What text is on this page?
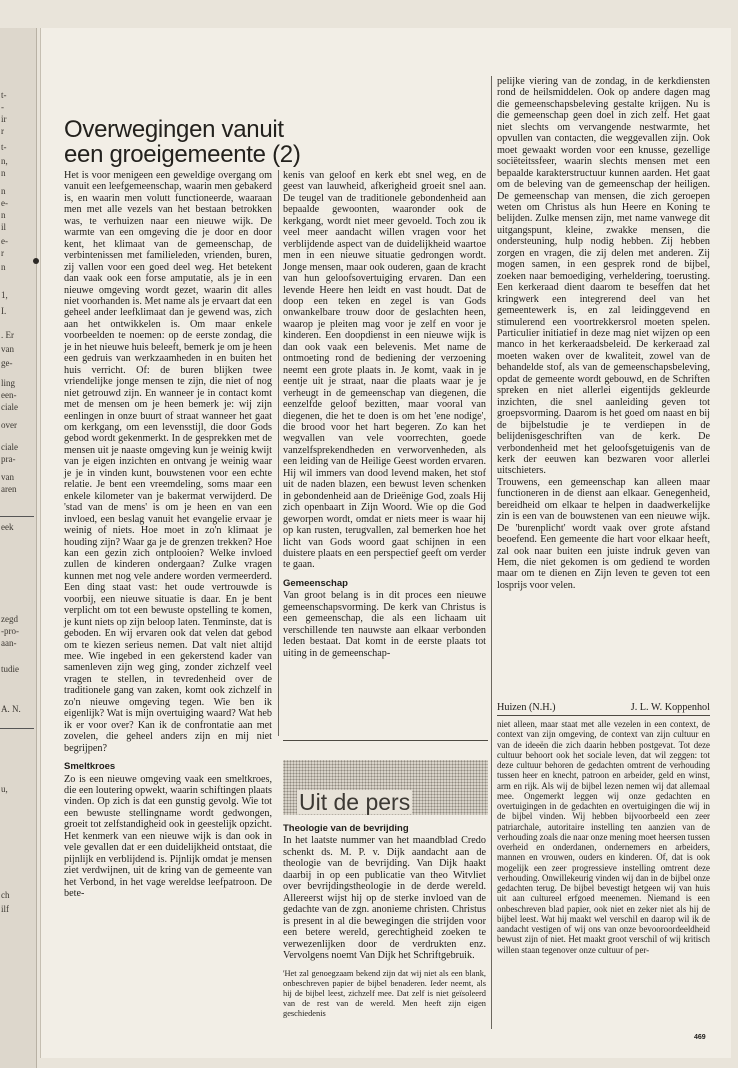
t-
-
ir
r
t-
n,
n
n
e-
n
il
e-
r
n
1,
I.
. Er
van
ge-
ling
een-
ciale
over
ciale
pra-
van
aren
eek
zegd
-pro-
aan-
tudie
A. N.
u,
ch
ilf
Overwegingen vanuit
een groeigemeente (2)

Het is voor menigeen een geweldige overgang om vanuit een leefgemeenschap, waarin men gebakerd is, en waarin men volutt functioneerde, waaraan men met alle vezels van het bestaan betrokken was, te verhuizen naar een nieuwe wijk. De warmte van een omgeving die je door en door kent, het klimaat van de gemeenschap, de verbintenissen met familieleden, vrienden, buren, zij vallen voor een goed deel weg. Het betekent dan vaak ook een forse amputatie, als je in een nieuwe omgeving wordt gezet, waarin dit alles niet voorhanden is. Met name als je ervaart dat een geheel ander leefklimaat dan je gewend was, zich aan het ontwikkelen is. Om maar enkele voorbeelden te noemen: op de eerste zondag, die je in het nieuwe huis beleeft, bemerk je om je heen een gedruis van werkzaamheden in en buiten het huis verricht. Of: de buren blijken twee vriendelijke jonge mensen te zijn, die niet of nog niet getrouwd zijn. En wanneer je in contact komt met de mensen om je heen bemerk je: wij zijn eenlingen in onze buurt of straat wanneer het gaat om kerkgang, om een levensstijl, die door Gods gebod wordt gekenmerkt. In de gesprekken met de mensen uit je naaste omgeving kun je weinig kwijt van je eigen inzichten en ontvang je weinig waar je je in vinden kunt, bouwstenen voor een echte relatie. Je bent een vreemdeling, soms maar een enkele kilometer van je bakermat verwijderd. De 'stad van de mens' is om je heen en van een invloed, een beslag vanuit het evangelie ervaar je weinig of niets. Hoe moet in zo'n klimaat je houding zijn? Waar ga je de grenzen trekken? Hoe kan een gezin zich ontplooien? Welke invloed zullen de kinderen ondergaan? Zulke vragen kunnen met nog vele andere worden vermeerderd. Een ding staat vast: het oude vertrouwde is voorbij, een nieuwe situatie is daar. En je bent verplicht om tot een bewuste opstelling te komen, je kunt niets op zijn beloop laten. Tenminste, dat is geboden. En wij ervaren ook dat velen dat gebod om te kiezen serieus nemen. Dat valt niet altijd mee. Wie ingebed in een gekerstend kader van samenleven zijn weg ging, zonder zichzelf veel vragen te stellen, in tevredenheid over de traditionele gang van zaken, komt ook zichzelf in zo'n nieuwe omgeving tegen. Wie ben ik eigenlijk? Wat is mijn overtuiging waard? Wat heb ik er voor over? Kan ik de confrontatie aan met zovelen, die geheel anders zijn en mij niet begrijpen?

Smeltkroes

Zo is een nieuwe omgeving vaak een smeltkroes, die een loutering opwekt, waarin schiftingen plaats vinden. Op zich is dat een gunstig gevolg. Wie tot een bewuste stellingname wordt gedwongen, groeit tot zelfstandigheid ook in geestelijk opzicht. Het kenmerk van een nieuwe wijk is dan ook in vele gevallen dat er een duidelijkheid ontstaat, die pijnlijk en verblijdend is. Pijnlijk omdat je mensen ziet verdwijnen, uit de kring van de gemeente van het Verbond, in het vage wereldse leefpatroon. De bete-

kenis van geloof en kerk ebt snel weg, en de geest van lauwheid, afkerigheid groeit snel aan. De teugel van de traditionele gebondenheid aan bepaalde gewoonten, waaronder ook de kerkgang, wordt niet meer gevoeld. Toch zou ik veel meer aandacht willen vragen voor het verblijdende aspect van de duidelijkheid waartoe men in een nieuwe situatie gedrongen wordt. Jonge mensen, maar ook ouderen, gaan de kracht van hun geloofsovertuiging ervaren. Dan een levende Heere hen leidt en vast houdt. Dat de doop een teken en zegel is van Gods onwankelbare trouw door de geslachten heen, waarop je pleiten mag voor je zelf en voor je kinderen. Een doopdienst in een nieuwe wijk is dan ook vaak een belevenis. Met name de ontmoeting rond de bediening der verzoening neemt een grote plaats in. Je komt, vaak in je eentje uit je straat, naar die plaats waar je je verheugt in de gemeenschap van diegenen, die eenzelfde geloof bezitten, maar vooral van diegenen, die het te doen is om het 'ene nodige', die brood voor het hart begeren. Zo kan het wegvallen van vele voorrechten, goede vanzelfsprekendheden en verworvenheden, als een leiding van de Heilige Geest worden ervaren. Hij wil immers van dood levend maken, het stof uit de naden blazen, een bewust leven schenken in gebondenheid aan de Drieënige God, zoals Hij zich openbaart in Zijn Woord. Wie op die God geworpen wordt, omdat er niets meer is waar hij op kan rusten, terugvallen, zal bemerken hoe het licht van Gods woord gaat schijnen in een duistere plaats en een perspectief geeft om verder te gaan.

Gemeenschap

Van groot belang is in dit proces een nieuwe gemeenschapsvorming. De kerk van Christus is een gemeenschap, die als een lichaam uit verschillende ten nauwste aan elkaar verbonden leden bestaat. Dat komt in de eerste plaats tot uiting in de gemeenschap-

pelijke viering van de zondag, in de kerkdiensten rond de heilsmiddelen. Ook op andere dagen mag die gemeenschapsbeleving gestalte krijgen. Nu is die gemeenschap geen doel in zich zelf. Het gaat niet slechts om vervangende nestwarmte, het opvullen van contacten, die weggevallen zijn. Ook moet gewaakt worden voor een knusse, gezellige sociëteitssfeer, waarin slechts mensen met een bepaalde karakterstructuur kunnen aarden. Het gaat om de beleving van de gemeenschap der heiligen. De gemeenschap van mensen, die zich geroepen weten om Christus als hun Heere en Koning te belijden. Zulke mensen zijn, met name vanwege dit uitgangspunt, kleine, zwakke mensen, die ondersteuning, hulp nodig hebben. Zij hebben zorgen en vragen, die zij delen met anderen. Zij mogen samen, in een gesprek rond de bijbel, zoeken naar bemoediging, verheldering, toerusting. Een kerkeraad dient daarom te beseffen dat het kringwerk een integrerend deel van het gemeentewerk is, en zal leidinggevend en stimulerend een voortrekkersrol moeten spelen. Particulier initiatief in deze mag niet wijzen op een manco in het kerkeraadsbeleid. De kerkeraad zal moeten waken over de kwaliteit, zowel van de behandelde stof, als van de gemeenschapsbeleving, opdat de gemeente wordt gebouwd, en de Schriften spreken en niet allerlei eigentijds gekleurde inzichten, die snel aanleiding geven tot groepsvorming. Daarom is het goed om naast en bij de bijbelstudie je te verdiepen in de belijdenisgeschriften van de kerk. De verbondenheid met het geloofsgetuigenis van de kerk der eeuwen kan bezwaren voor allerlei uitschieters.

Trouwens, een gemeenschap kan alleen maar functioneren in de dienst aan elkaar. Genegenheid, bereidheid om elkaar te helpen in daadwerkelijke zin is een van de bouwstenen van een nieuwe wijk. De 'burenplicht' wordt vaak over grote afstand beoefend. Een gemeente die hart voor elkaar heeft, zal ook naar buiten een juiste indruk geven van Hem, die niet gekomen is om gediend te worden maar om te dienen en Zijn leven te geven tot een losprijs voor velen.

Huizen (N.H.)	J. L. W. Koppenhol
Uit de pers
Theologie van de bevrijding

In het laatste nummer van het maandblad Credo schenkt ds. M. P. v. Dijk aandacht aan de theologie van de bevrijding. Van Dijk haakt daarbij in op een publicatie van theo Witvliet over bevrijdingstheologie in de derde wereld. Allereerst wijst hij op de sterke invloed van de gedachte van de zgn. anonieme christen. Christus is present in al die bewegingen die strijden voor een betere wereld, gerechtigheid zoeken te verwezenlijken door de verdrukten enz. Vervolgens noemt Van Dijk het Schriftgebruik.

'Het zal genoegzaam bekend zijn dat wij niet als een blank, onbeschreven papier de bijbel benaderen. Ieder neemt, als hij de bijbel leest, zichzelf mee. Dat zelf is niet geïsoleerd van de rest van de wereld. Men heeft zijn eigen geschiedenis

niet alleen, maar staat met alle vezelen in een context, de context van zijn omgeving, de context van zijn cultuur en van de ideeën die zich daarin hebben postgevat. Tot deze cultuur behoort ook het sociale leven, dat wil zeggen: tot deze cultuur behoren de gedachten omtrent de verhouding tussen heer en knecht, patroon en arbeider, geld en winst, arm en rijk. Als wij de bijbel lezen nemen wij dat allemaal mee. Ongemerkt leggen wij onze gedachten en overtuigingen in de gedachten en overtuigingen die wij in de bijbel vinden. Wij hebben bijvoorbeeld een zeer patriarchale, autoritaire instelling ten aanzien van de verhouding zoals die naar onze mening moet heersen tussen overheid en onderdanen, ondernemers en arbeiders, mannen en vrouwen, ouders en kinderen. Of, dat is ook mogelijk een zeer progressieve instelling omtrent deze verhouding. Onwillekeurig vinden wij dan in de bijbel onze gedachten terug. De bijbel bevestigt hetgeen wij van huis uit aan cultureel erfgoed meenemen. Niemand is een onbeschreven blad papier, ook niet en zeker niet als hij de bijbel leest. Wat hij maakt wel verschil en daarop wil ik de aandacht vestigen of wij ons van onze bevooroordeeldheid bewust zijn of niet. Het maakt groot verschil of wij kritisch willen staan tegenover onze cultuur of per-

469
